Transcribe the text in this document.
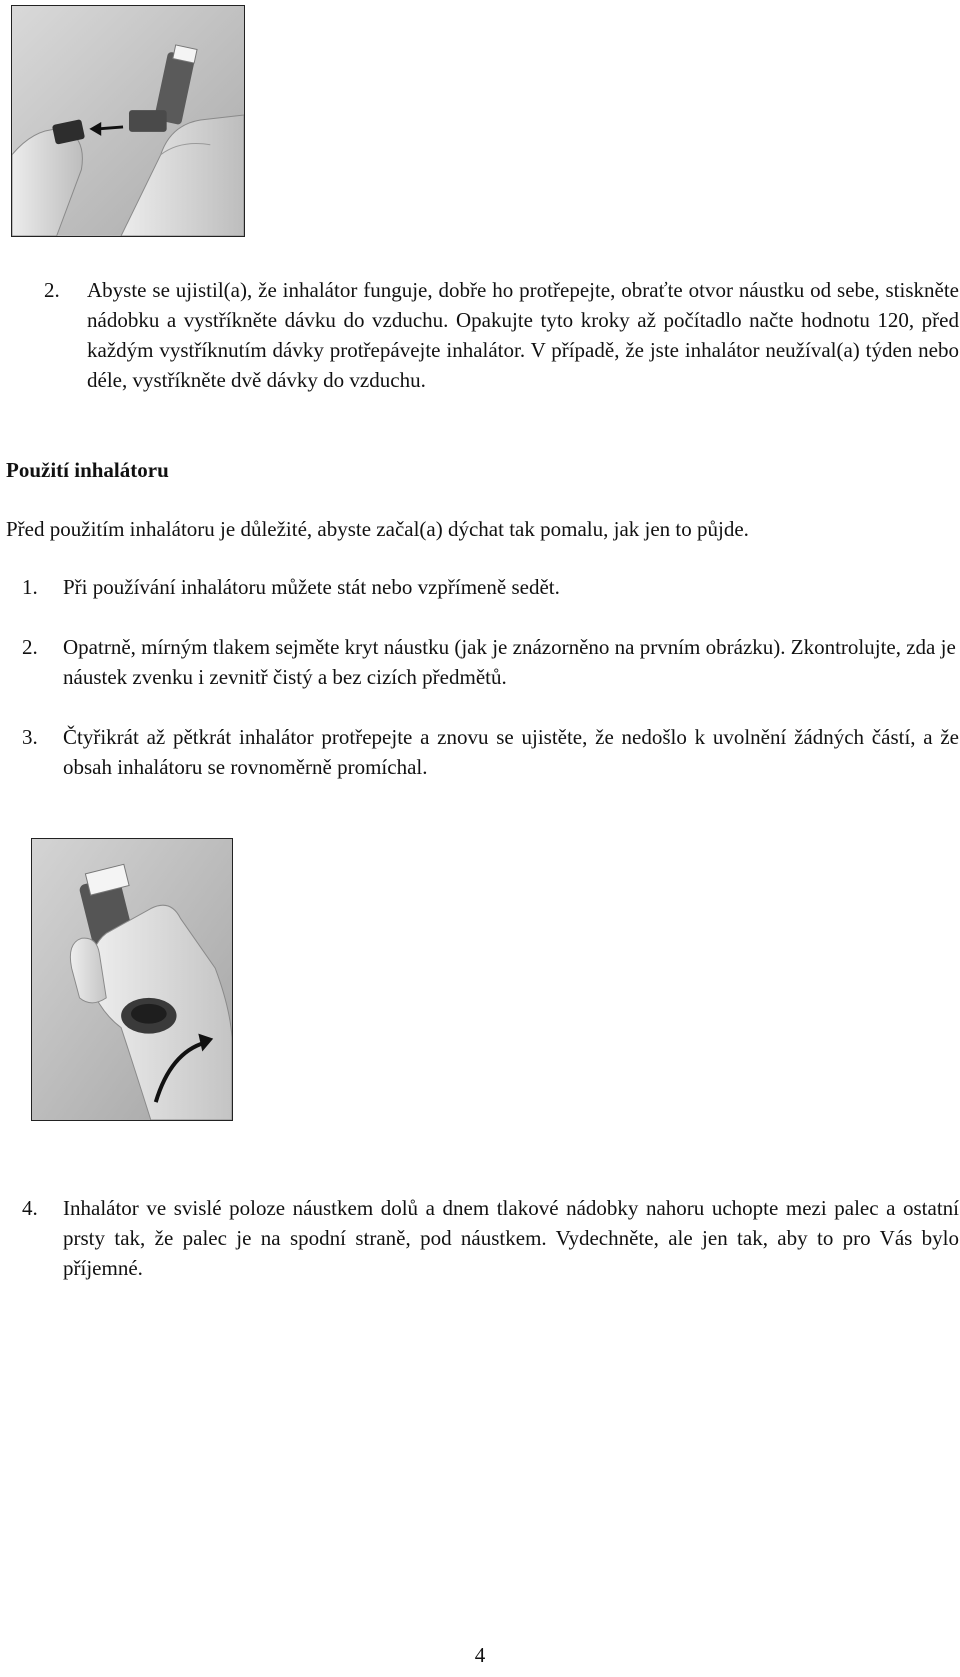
2. Abyste se ujistil(a), že inhalátor funguje, dobře ho protřepejte, obraťte otvor náustku od sebe, stiskněte nádobku a vystříkněte dávku do vzduchu. Opakujte tyto kroky až počítadlo načte hodnotu 120, před každým vystříknutím dávky protřepávejte inhalátor. V případě, že jste inhalátor neužíval(a) týden nebo déle, vystříkněte dvě dávky do vzduchu.

Použití inhalátoru

Před použitím inhalátoru je důležité, abyste začal(a) dýchat tak pomalu, jak jen to půjde.

1. Při používání inhalátoru můžete stát nebo vzpřímeně sedět.

2. Opatrně, mírným tlakem sejměte kryt náustku (jak je znázorněno na prvním obrázku). Zkontrolujte, zda je náustek zvenku i zevnitř čistý a bez cizích předmětů.

3. Čtyřikrát až pětkrát inhalátor protřepejte a znovu se ujistěte, že nedošlo k uvolnění žádných částí, a že obsah inhalátoru se rovnoměrně promíchal.

4. Inhalátor ve svislé poloze náustkem dolů a dnem tlakové nádobky nahoru uchopte mezi palec a ostatní prsty tak, že palec je na spodní straně, pod náustkem. Vydechněte, ale jen tak, aby to pro Vás bylo příjemné.

4
